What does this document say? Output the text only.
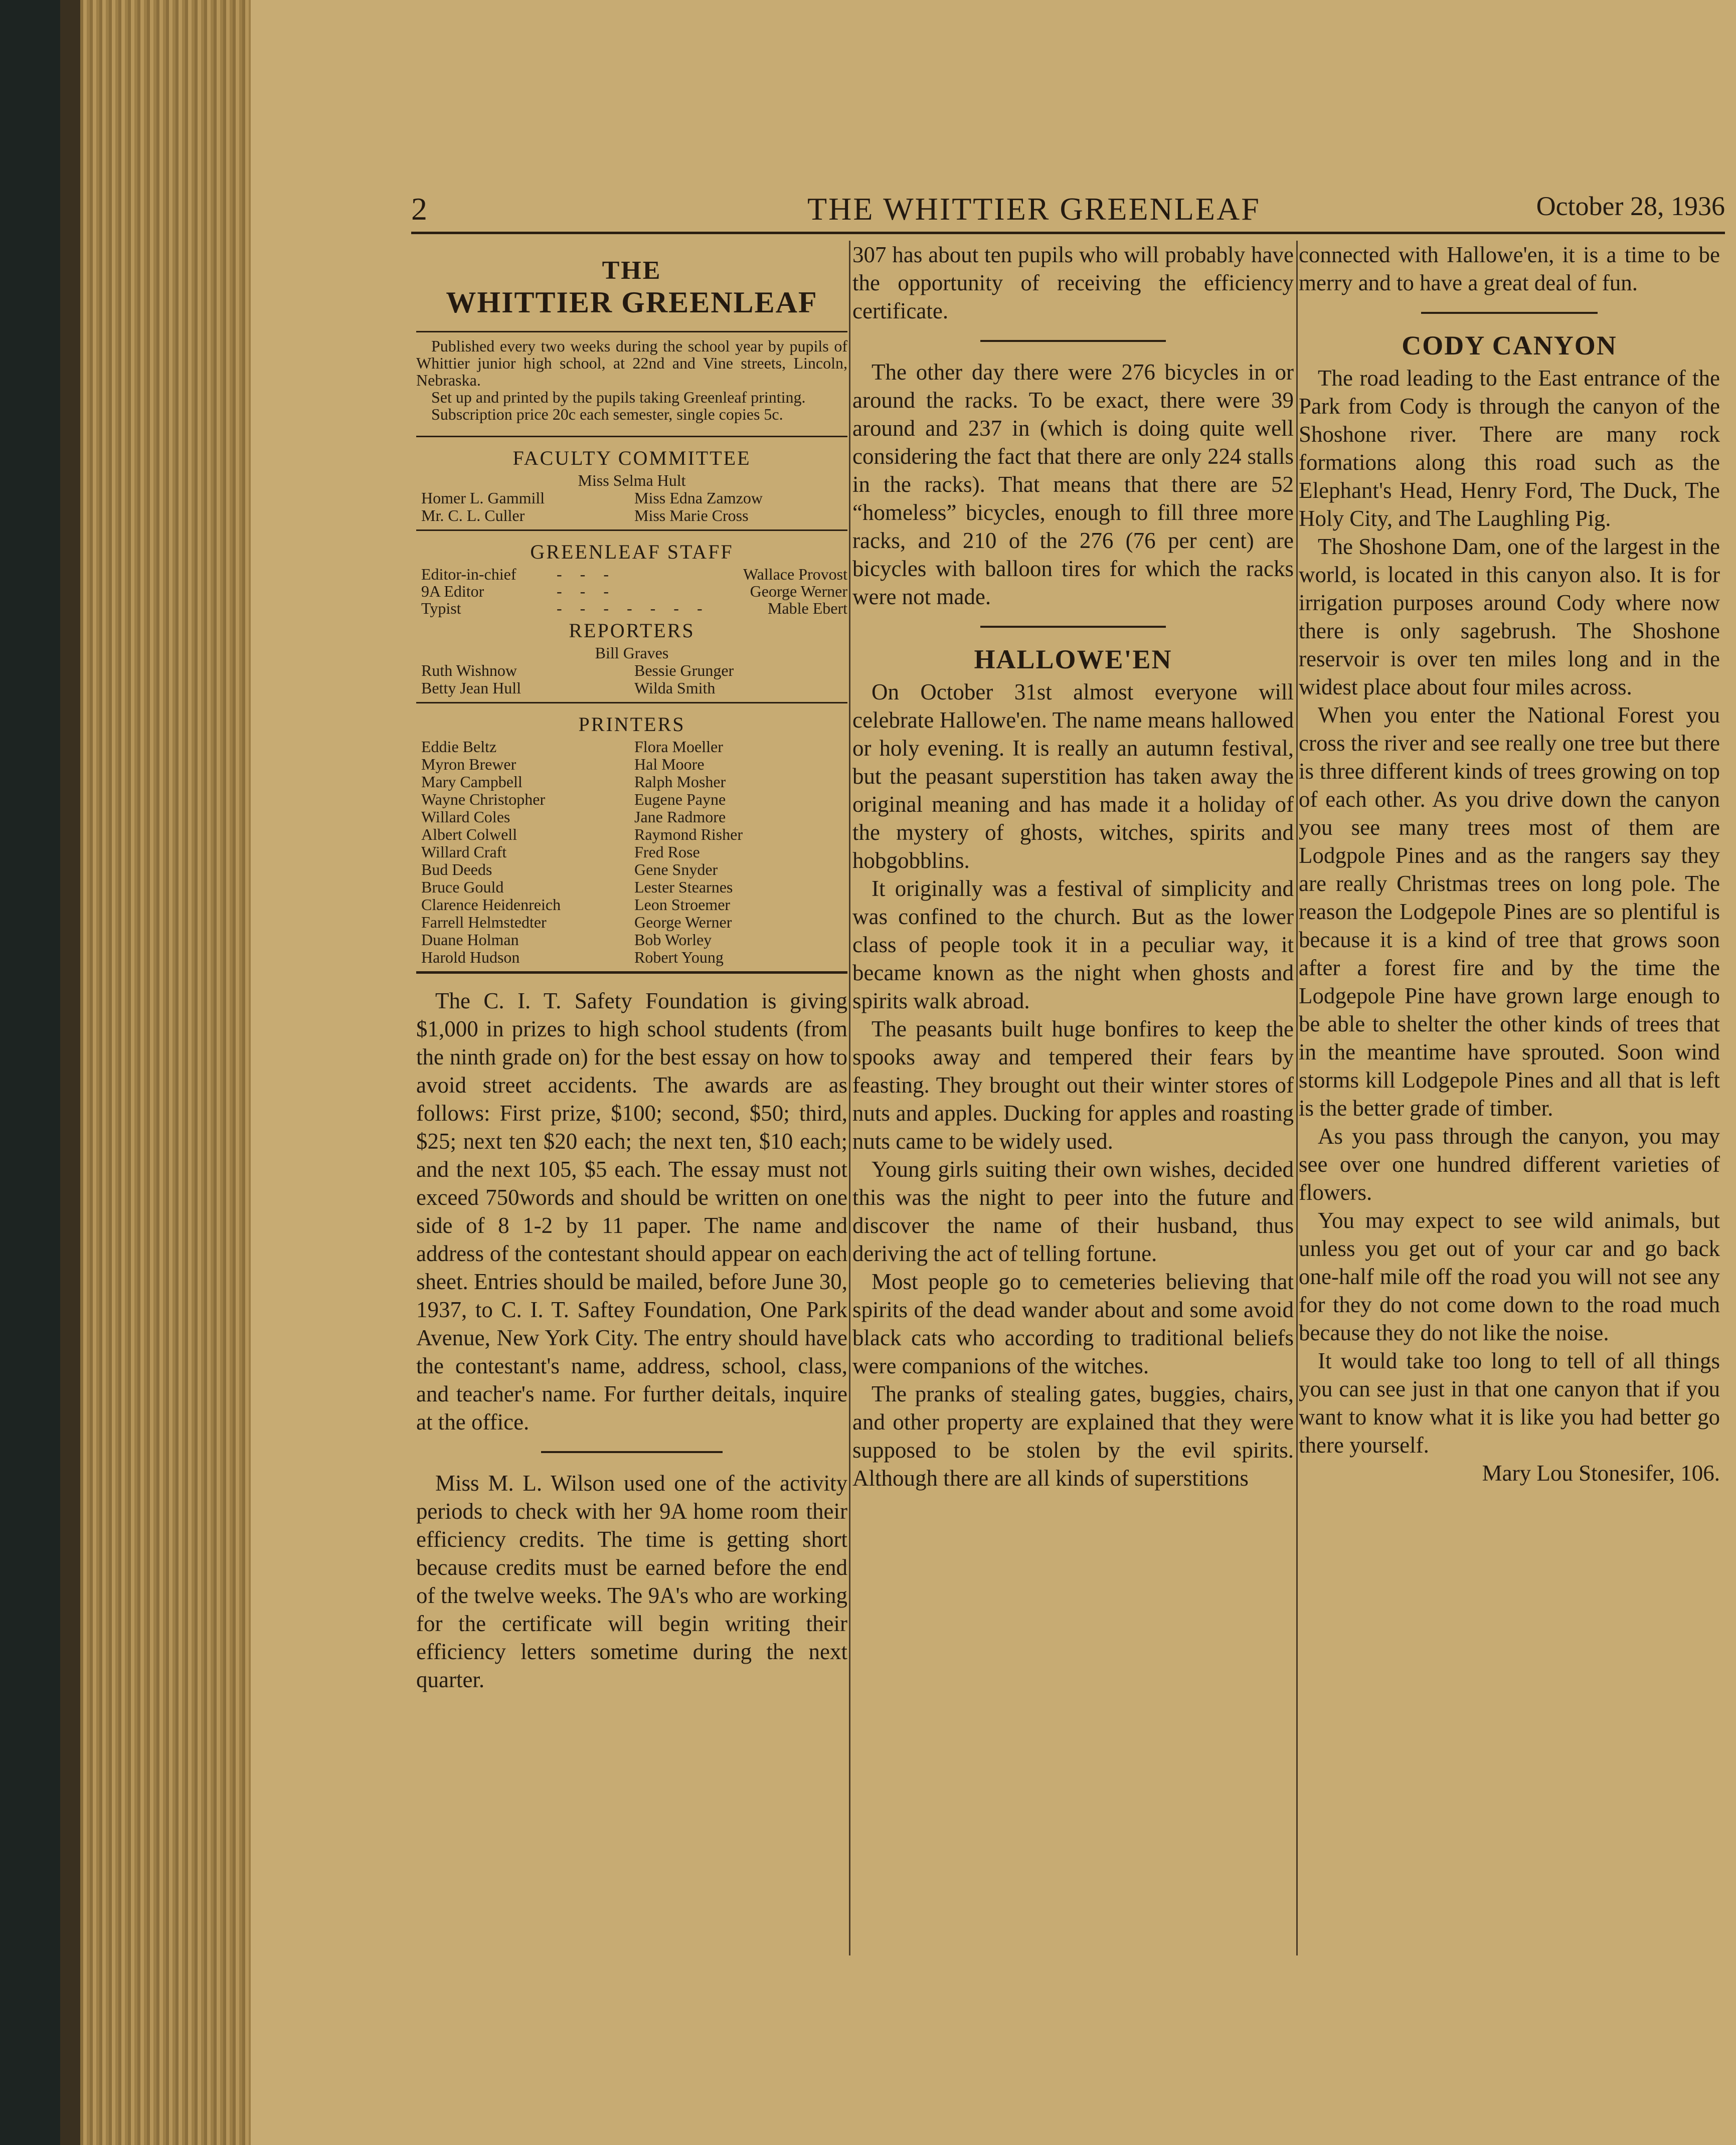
2	THE WHITTIER GREENLEAF	October 28, 1936
THE
WHITTIER GREENLEAF

Published every two weeks during the school year by pupils of Whittier junior high school, at 22nd and Vine streets, Lincoln, Nebraska.

Set up and printed by the pupils taking Greenleaf printing.

Subscription price 20c each semester, single copies 5c.

FACULTY COMMITTEE
Miss Selma Hult
Homer L. Gammill	Miss Edna Zamzow
Mr. C. L. Culler	Miss Marie Cross
GREENLEAF STAFF
Editor-in-chief	- - -	Wallace Provost
9A Editor	- - -	George Werner
Typist	- - - - - - -	Mable Ebert
REPORTERS
Bill Graves
Ruth Wishnow	Bessie Grunger
Betty Jean Hull	Wilda Smith
PRINTERS
Eddie Beltz	Flora Moeller
Myron Brewer	Hal Moore
Mary Campbell	Ralph Mosher
Wayne Christopher	Eugene Payne
Willard Coles	Jane Radmore
Albert Colwell	Raymond Risher
Willard Craft	Fred Rose
Bud Deeds	Gene Snyder
Bruce Gould	Lester Stearnes
Clarence Heidenreich	Leon Stroemer
Farrell Helmstedter	George Werner
Duane Holman	Bob Worley
Harold Hudson	Robert Young

The C. I. T. Safety Foundation is giving $1,000 in prizes to high school students (from the ninth grade on) for the best essay on how to avoid street accidents. The awards are as follows: First prize, $100; second, $50; third, $25; next ten $20 each; the next ten, $10 each; and the next 105, $5 each. The essay must not exceed 750words and should be written on one side of 8 1-2 by 11 paper. The name and address of the contestant should appear on each sheet. Entries should be mailed, before June 30, 1937, to C. I. T. Saftey Foundation, One Park Avenue, New York City. The entry should have the contestant's name, address, school, class, and teacher's name. For further deitals, inquire at the office.

Miss M. L. Wilson used one of the activity periods to check with her 9A home room their efficiency credits. The time is getting short because credits must be earned before the end of the twelve weeks. The 9A's who are working for the certificate will begin writing their efficiency letters sometime during the next quarter.

307 has about ten pupils who will probably have the opportunity of receiving the efficiency certificate.

The other day there were 276 bicycles in or around the racks. To be exact, there were 39 around and 237 in (which is doing quite well considering the fact that there are only 224 stalls in the racks). That means that there are 52 “homeless” bicycles, enough to fill three more racks, and 210 of the 276 (76 per cent) are bicycles with balloon tires for which the racks were not made.

HALLOWE'EN

On October 31st almost everyone will celebrate Hallowe'en. The name means hallowed or holy evening. It is really an autumn festival, but the peasant superstition has taken away the original meaning and has made it a holiday of the mystery of ghosts, witches, spirits and hobgobblins.

It originally was a festival of simplicity and was confined to the church. But as the lower class of people took it in a peculiar way, it became known as the night when ghosts and spirits walk abroad.

The peasants built huge bonfires to keep the spooks away and tempered their fears by feasting. They brought out their winter stores of nuts and apples. Ducking for apples and roasting nuts came to be widely used.

Young girls suiting their own wishes, decided this was the night to peer into the future and discover the name of their husband, thus deriving the act of telling fortune.

Most people go to cemeteries believing that spirits of the dead wander about and some avoid black cats who according to traditional beliefs were companions of the witches.

The pranks of stealing gates, buggies, chairs, and other property are explained that they were supposed to be stolen by the evil spirits. Although there are all kinds of superstitions

connected with Hallowe'en, it is a time to be merry and to have a great deal of fun.

CODY CANYON

The road leading to the East entrance of the Park from Cody is through the canyon of the Shoshone river. There are many rock formations along this road such as the Elephant's Head, Henry Ford, The Duck, The Holy City, and The Laughling Pig.

The Shoshone Dam, one of the largest in the world, is located in this canyon also. It is for irrigation purposes around Cody where now there is only sagebrush. The Shoshone reservoir is over ten miles long and in the widest place about four miles across.

When you enter the National Forest you cross the river and see really one tree but there is three different kinds of trees growing on top of each other. As you drive down the canyon you see many trees most of them are Lodgpole Pines and as the rangers say they are really Christmas trees on long pole. The reason the Lodgepole Pines are so plentiful is because it is a kind of tree that grows soon after a forest fire and by the time the Lodgepole Pine have grown large enough to be able to shelter the other kinds of trees that in the meantime have sprouted. Soon wind storms kill Lodgepole Pines and all that is left is the better grade of timber.

As you pass through the canyon, you may see over one hundred different varieties of flowers.

You may expect to see wild animals, but unless you get out of your car and go back one-half mile off the road you will not see any for they do not come down to the road much because they do not like the noise.

It would take too long to tell of all things you can see just in that one canyon that if you want to know what it is like you had better go there yourself.

Mary Lou Stonesifer, 106.
